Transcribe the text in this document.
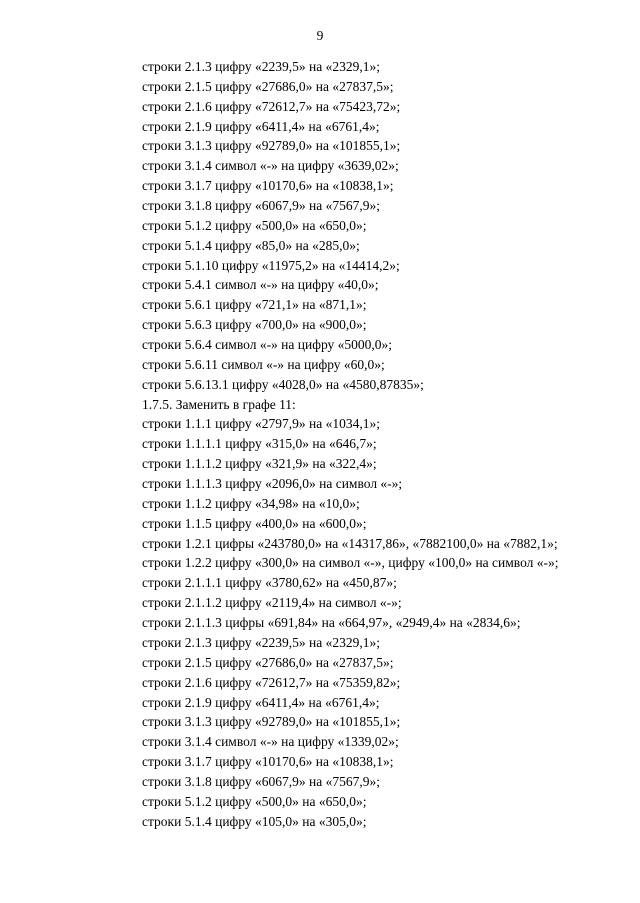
9
строки 2.1.3 цифру «2239,5» на «2329,1»;
строки 2.1.5 цифру «27686,0» на «27837,5»;
строки 2.1.6 цифру «72612,7» на «75423,72»;
строки 2.1.9 цифру «6411,4» на «6761,4»;
строки 3.1.3 цифру «92789,0» на «101855,1»;
строки 3.1.4 символ «-» на цифру «3639,02»;
строки 3.1.7 цифру «10170,6» на «10838,1»;
строки 3.1.8 цифру «6067,9» на «7567,9»;
строки 5.1.2 цифру «500,0» на «650,0»;
строки 5.1.4 цифру «85,0» на «285,0»;
строки 5.1.10 цифру «11975,2» на «14414,2»;
строки 5.4.1 символ «-» на цифру «40,0»;
строки 5.6.1 цифру «721,1» на «871,1»;
строки 5.6.3 цифру «700,0» на «900,0»;
строки 5.6.4 символ «-» на цифру «5000,0»;
строки 5.6.11 символ «-» на цифру «60,0»;
строки 5.6.13.1 цифру «4028,0» на «4580,87835»;
1.7.5. Заменить в графе 11:
строки 1.1.1 цифру «2797,9» на «1034,1»;
строки 1.1.1.1 цифру «315,0» на «646,7»;
строки 1.1.1.2 цифру «321,9» на «322,4»;
строки 1.1.1.3 цифру «2096,0» на символ «-»;
строки 1.1.2 цифру «34,98» на «10,0»;
строки 1.1.5 цифру «400,0» на «600,0»;
строки 1.2.1 цифры «243780,0» на «14317,86», «7882100,0» на «7882,1»;
строки 1.2.2 цифру «300,0» на символ «-», цифру «100,0» на символ «-»;
строки 2.1.1.1 цифру «3780,62» на «450,87»;
строки 2.1.1.2 цифру «2119,4» на символ «-»;
строки 2.1.1.3 цифры «691,84» на «664,97», «2949,4» на «2834,6»;
строки 2.1.3 цифру «2239,5» на «2329,1»;
строки 2.1.5 цифру «27686,0» на «27837,5»;
строки 2.1.6 цифру «72612,7» на «75359,82»;
строки 2.1.9 цифру «6411,4» на «6761,4»;
строки 3.1.3 цифру «92789,0» на «101855,1»;
строки 3.1.4 символ «-» на цифру «1339,02»;
строки 3.1.7 цифру «10170,6» на «10838,1»;
строки 3.1.8 цифру «6067,9» на «7567,9»;
строки 5.1.2 цифру «500,0» на «650,0»;
строки 5.1.4 цифру «105,0» на «305,0»;
